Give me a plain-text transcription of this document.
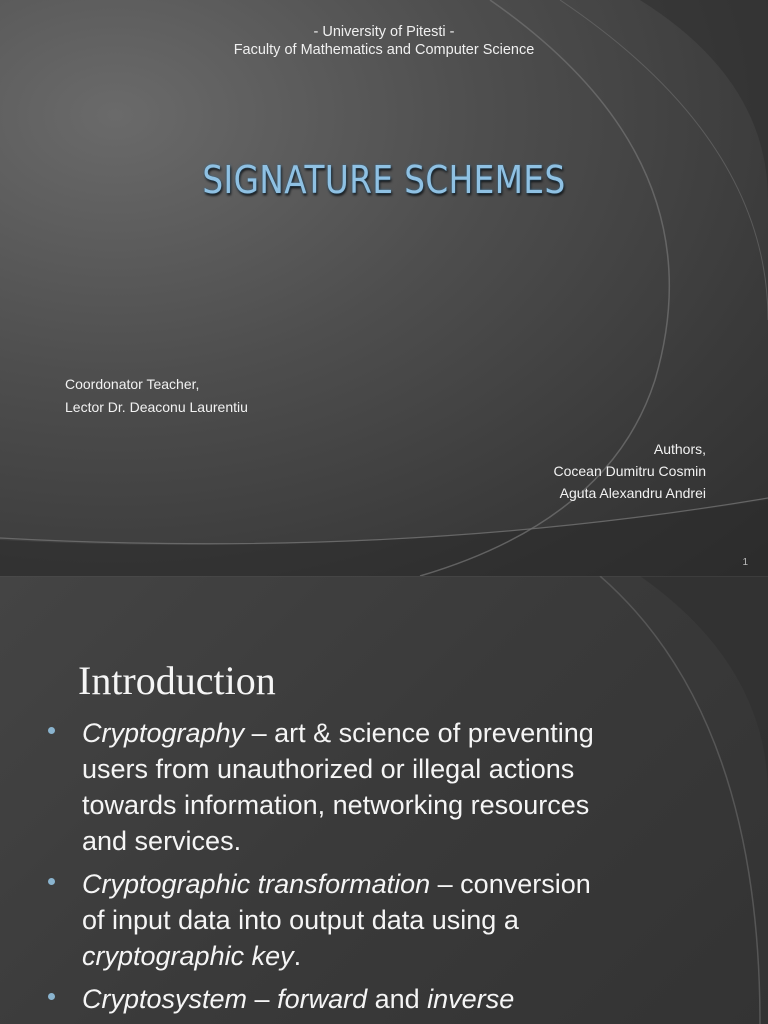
- University of Pitesti -
Faculty of Mathematics and Computer Science
SIGNATURE SCHEMES
Coordonator Teacher,
Lector Dr. Deaconu Laurentiu
Authors,
Cocean Dumitru Cosmin
Aguta Alexandru Andrei
1
Introduction
Cryptography – art & science of preventing
users from unauthorized or illegal actions
towards information, networking resources
and services.
Cryptographic transformation – conversion
of input data into output data using a
cryptographic key.
Cryptosystem – forward and inverse
